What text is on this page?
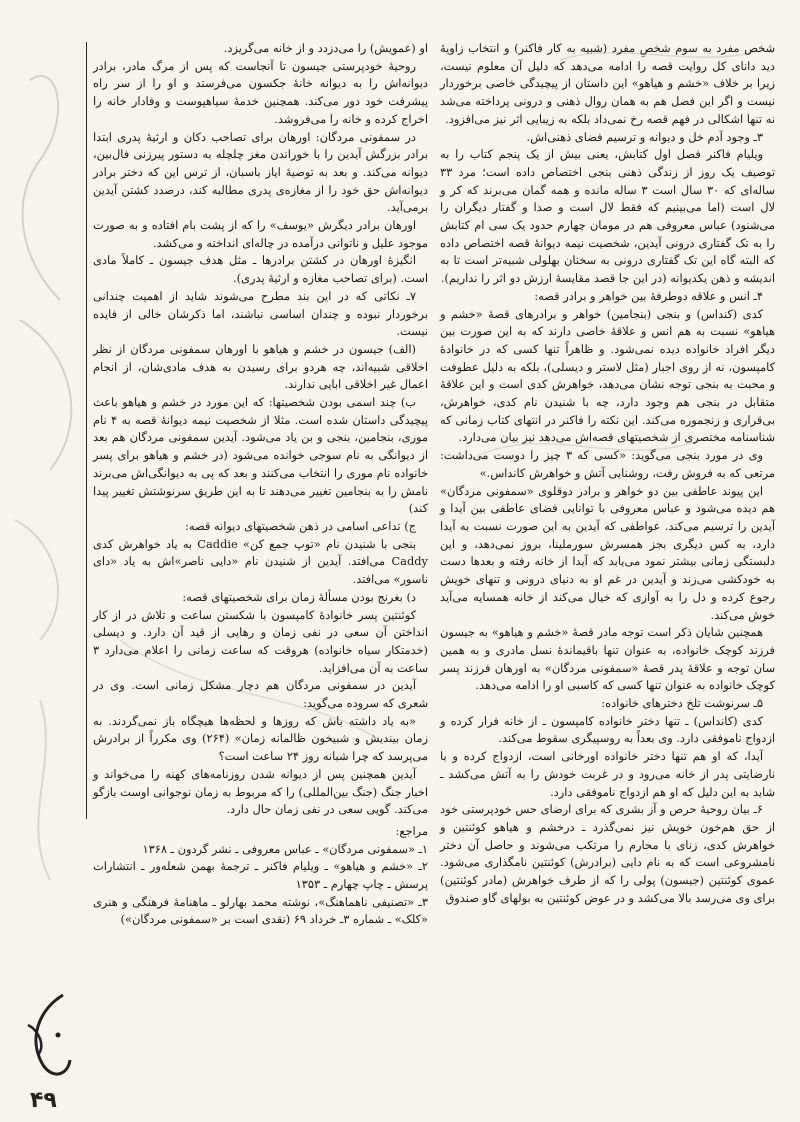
شخص مفرد به سوم شخصِ مفرد (شبیه به کار فاکنر) و انتخاب زاویهٔ دید دانای کل روایت قصه را ادامه می‌دهد که دلیل آن معلوم نیست، زیرا بر خلاف «خشم و هیاهو» این داستان از پیچیدگی خاصی برخوردار نیست و اگر این فصل هم به همان روال ذهنی و درونی پرداخته می‌شد نه تنها اشکالی در فهم قصه رخ نمی‌داد بلکه به زیبایی اثر نیز می‌افزود.

۳ـ وجود آدم خل و دیوانه و ترسیم فضای ذهنی‌اش.

ویلیام فاکنر فصل اول کتابش، یعنی بیش از یک پنجم کتاب را به توصیف یک روز از زندگی ذهنی بنجی اختصاص داده است؛ مرد ۳۳ ساله‌ای که ۳۰ سال است ۳ ساله مانده و همه گمان می‌برند که کر و لال است (اما می‌بینیم که فقط لال است و صدا و گفتار دیگران را می‌شنود) عباس معروفی هم در مومان چهارم حدود یک سی ام کتابش را به تک گفتاری درونی آیدین، شخصیت نیمه دیوانهٔ قصه اختصاص داده که البته گاه این تک گفتاری درونی به سخنان بهلولی شبیه‌تر است تا به اندیشه و ذهن یکدیوانه (در این جا قصد مقایسهٔ ارزش دو اثر را نداریم).

۴ـ انس و علاقه دوطرفهٔ بین خواهر و برادر قصه:

کدی (کنداس) و بنجی (بنجامین) خواهر و برادرهای قصهٔ «خشم و هیاهو» نسبت به هم انس و علاقهٔ خاصی دارند که به این صورت بین دیگر افراد خانواده دیده نمی‌شود. و ظاهراً تنها کسی که در خانوادهٔ کامپسون، نه از روی اجبار (مثل لاستر و دیسلی)، بلکه به دلیل عطوفت و محبت به بنجی توجه نشان می‌دهد، خواهرش کدی است و این علاقهٔ متقابل در بنجی هم وجود دارد، چه با شنیدن نام کدی، خواهرش، بی‌قراری و زنجموره می‌کند. این نکته را فاکنر در انتهای کتاب زمانی که شناسنامه مختصری از شخصیتهای قصه‌اش می‌دهد نیز بیان می‌دارد.

وی در مورد بنجی می‌گوید: «کسی که ۳ چیز را دوست می‌داشت: مرتعی که به فروش رفت، روشنایی آتش و خواهرش کانداس.»

این پیوند عاطفی بین دو خواهر و برادر دوقلوی «سمفونی مردگان» هم دیده می‌شود و عباس معروفی با توانایی فضای عاطفی بین آیدا و آیدین را ترسیم می‌کند. عواطفی که آیدین به این صورت نسبت به آیدا دارد، به کس دیگری بجز همسرش سورملینا، بروز نمی‌دهد، و این دلبستگی زمانی بیشتر نمود می‌یابد که آیدا از خانه رفته و بعدها دست به خودکشی می‌زند و آیدین در غم او به دنیای درونی و تنهای خویش رجوع کرده و دل را به آوازی که خیال می‌کند از خانه همسایه می‌آید خوش می‌کند.

همچنین شایان ذکر است توجه مادر قصهٔ «خشم و هیاهو» به جیسون فرزند کوچک خانواده، به عنوان تنها باقیماندهٔ نسل مادری و به همین سان توجه و علاقهٔ پدر قصهٔ «سمفونی مردگان» به اورهان فرزند پسر کوچک خانواده به عنوان تنها کسی که کاسبی او را ادامه می‌دهد.

۵ـ سرنوشت تلخ دخترهای خانواده:

کدی (کانداس) ـ تنها دختر خانواده کامپسون ـ از خانه فرار کرده و ازدواج ناموفقی دارد. وی بعداً به روسپیگری سقوط می‌کند.

آیدا، که او هم تنها دختر خانواده اورخانی است، ازدواج کرده و با نارضایتی پدر از خانه می‌رود و در غربت خودش را به آتش می‌کشد ـ شاید به این دلیل که او هم ازدواج ناموفقی دارد.

۶ـ بیان روحیهٔ حرص و آز بشری که برای ارضای حس خودپرستی خود از حق هم‌خون خویش نیز نمی‌گذرد ـ درخشم و هیاهو کوئنتین و خواهرش کدی، زنای با محارم را مرتکب می‌شوند و حاصل آن دختر نامشروعی است که به نام دایی (برادرش) کوئنتین نامگذاری می‌شود. عموی کوئنتین (جیسون) پولی را که از طرف خواهرش (مادر کوئنتین) برای وی می‌رسد بالا می‌کشد و در عوض کوئنتین به بولهای گاو صندوق

او (عمویش) را می‌دزدد و از خانه می‌گریزد.

روحیهٔ خودپرستی جیسون تا آنجاست که پس از مرگ مادر، برادر دیوانه‌اش را به دیوانه خانهٔ جکسون می‌فرستد و او را از سر راه پیشرفت خود دور می‌کند. همچنین خدمهٔ سیاهپوست و وفادار خانه را اخراج کرده و خانه را می‌فروشد.

در سمفونی مردگان: اورهان برای تصاحب دکان و ارثیهٔ پدری ابتدا برادر بزرگش آیدین را با خوراندن مغز چلچله به دستور پیرزنی فال‌بین، دیوانه می‌کند. و بعد به توصیهٔ ایاز باسبان، از ترس این که دختر برادر دیوانه‌اش حق خود را از مغازه‌ی پدری مطالبه کند، درصدد کشتن آیدین برمی‌آید.

اورهان برادر دیگرش «یوسف» را که از پشت بام افتاده و به صورت موجود علیل و ناتوانی درآمده در چاله‌ای انداخته و می‌کشد.

انگیزهٔ اورهان در کشتن برادرها ـ مثل هدف جیسون ـ کاملاً مادی است. (برای تصاحب مغازه و ارثیهٔ پدری).

۷ـ نکاتی که در این بند مطرح می‌شوند شاید از اهمیت چندانی برخوردار نبوده و چندان اساسی نباشند، اما ذکرشان خالی از فایده نیست.

(الف) جیسون در خشم و هیاهو با اورهان سمفونی مردگان از نظر اخلاقی شبیه‌اند، چه هردو برای رسیدن به هدف مادی‌شان، از انجام اعمال غیر اخلاقی ابایی ندارند.

ب) چند اسمی بودن شخصیتها: که این مورد در خشم و هیاهو باعث پیچیدگی داستان شده است. مثلا از شخصیت نیمه دیوانهٔ قصه به ۴ نام موری، بنجامین، بنجی و بن یاد می‌شود. آیدین سمفونی مردگان هم بعد از دیوانگی به نام سوجی خوانده می‌شود (در خشم و هیاهو برای پسر خانواده نام موری را انتخاب می‌کنند و بعد که پی به دیوانگی‌اش می‌برند نامش را به بنجامین تغییر می‌دهند تا به این طریق سرنوشتش تغییر پیدا کند)

ج) تداعی اسامی در ذهن شخصیتهای دیوانه قصه:

بنجی با شنیدن نام «توپ جمع کن» Caddie به یاد خواهرش کدی Caddy می‌افتد. آیدین از شنیدن نام «دایی ناصر»اش به یاد «دای ناسور» می‌افتد.

د) بغرنج بودن مسألهٔ زمان برای شخصیتهای قصه:

کوئنتین پسر خانوادهٔ کامپسون با شکستن ساعت و تلاش در از کار انداختن آن سعی در نفی زمان و رهایی از قید آن دارد. و دیسلی (خدمتکار سیاه خانواده) هروقت که ساعت زمانی را اعلام می‌دارد ۳ ساعت به آن می‌افزاید.

آیدین در سمفونی مردگان هم دچار مشکل زمانی است. وی در شعری که سروده می‌گوید:

«به یاد داشته باش که روزها و لحظه‌ها هیچگاه باز نمی‌گردند. به زمان بیندیش و شبیخون ظالمانه زمان» (۲۶۴) وی مکرراً از برادرش می‌پرسد که چرا شبانه روز ۲۴ ساعت است؟

آیدین همچنین پس از دیوانه شدن روزنامه‌های کهنه را می‌خواند و اخبار جنگ (جنگ بین‌المللی) را که مربوط به زمان نوجوانی اوست بازگو می‌کند. گویی سعی در نفی زمان حال دارد.

مراجع:

۱ـ «سمفونی مردگان» ـ عباس معروفی ـ نشر گردون ـ ۱۳۶۸

۲ـ «خشم و هیاهو» ـ ویلیام فاکنر ـ ترجمهٔ بهمن شعله‌ور ـ انتشارات پرسش ـ چاپ چهارم ـ ۱۳۵۳

۳ـ «تصنیفی ناهماهنگ»، نوشته محمد بهارلو ـ ماهنامهٔ فرهنگی و هنری «کلک» ـ شماره ۳ـ خرداد ۶۹ (نقدی است بر «سمفونی مردگان»)

۴۹
